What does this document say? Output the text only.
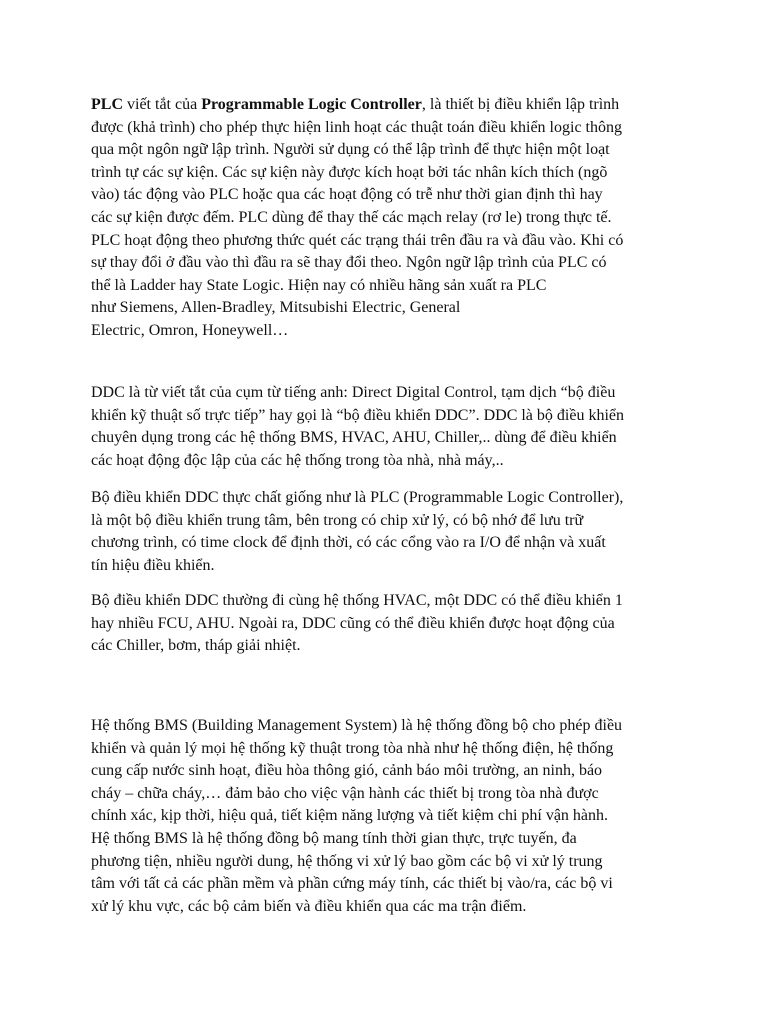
PLC viết tắt của Programmable Logic Controller, là thiết bị điều khiển lập trình
được (khả trình) cho phép thực hiện linh hoạt các thuật toán điều khiển logic thông
qua một ngôn ngữ lập trình. Người sử dụng có thể lập trình để thực hiện một loạt
trình tự các sự kiện. Các sự kiện này được kích hoạt bởi tác nhân kích thích (ngõ
vào) tác động vào PLC hoặc qua các hoạt động có trễ như thời gian định thì hay
các sự kiện được đếm. PLC dùng để thay thế các mạch relay (rơ le) trong thực tế.
PLC hoạt động theo phương thức quét các trạng thái trên đầu ra và đầu vào. Khi có
sự thay đổi ở đầu vào thì đầu ra sẽ thay đổi theo. Ngôn ngữ lập trình của PLC có
thể là Ladder hay State Logic. Hiện nay có nhiều hãng sản xuất ra PLC
như Siemens, Allen-Bradley, Mitsubishi Electric, General
Electric, Omron, Honeywell…

DDC là từ viết tắt của cụm từ tiếng anh: Direct Digital Control, tạm dịch “bộ điều
khiển kỹ thuật số trực tiếp” hay gọi là “bộ điều khiển DDC”. DDC là bộ điều khiển
chuyên dụng trong các hệ thống BMS, HVAC, AHU, Chiller,.. dùng để điều khiển
các hoạt động độc lập của các hệ thống trong tòa nhà, nhà máy,..

Bộ điều khiển DDC thực chất giống như là PLC (Programmable Logic Controller),
là một bộ điều khiển trung tâm, bên trong có chip xử lý, có bộ nhớ để lưu trữ
chương trình, có time clock để định thời, có các cổng vào ra I/O để nhận và xuất
tín hiệu điều khiển.

Bộ điều khiển DDC thường đi cùng hệ thống HVAC, một DDC có thể điều khiển 1
hay nhiều FCU, AHU. Ngoài ra, DDC cũng có thể điều khiển được hoạt động của
các Chiller, bơm, tháp giải nhiệt.

Hệ thống BMS (Building Management System) là hệ thống đồng bộ cho phép điều
khiển và quản lý mọi hệ thống kỹ thuật trong tòa nhà như hệ thống điện, hệ thống
cung cấp nước sinh hoạt, điều hòa thông gió, cảnh báo môi trường, an ninh, báo
cháy – chữa cháy,… đảm bảo cho việc vận hành các thiết bị trong tòa nhà được
chính xác, kịp thời, hiệu quả, tiết kiệm năng lượng và tiết kiệm chi phí vận hành.
Hệ thống BMS là hệ thống đồng bộ mang tính thời gian thực, trực tuyến, đa
phương tiện, nhiều người dung, hệ thống vi xử lý bao gồm các bộ vi xử lý trung
tâm với tất cả các phần mềm và phần cứng máy tính, các thiết bị vào/ra, các bộ vi
xử lý khu vực, các bộ cảm biến và điều khiển qua các ma trận điểm.
